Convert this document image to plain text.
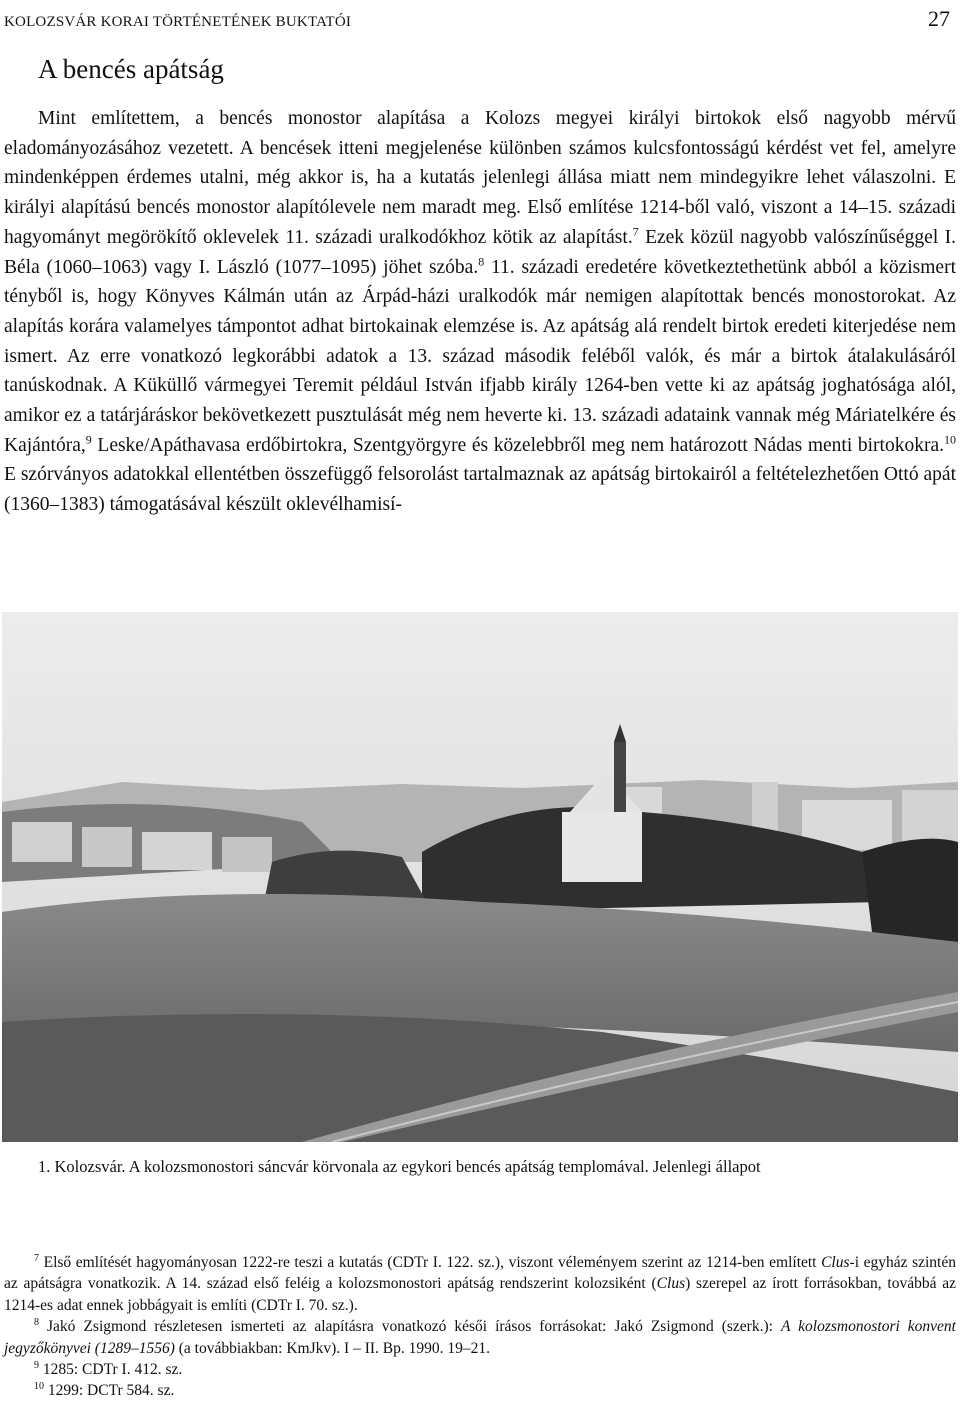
KOLOZSVÁR KORAI TÖRTÉNETÉNEK BUKTATÓI	27
A bencés apátság

Mint említettem, a bencés monostor alapítása a Kolozs megyei királyi birtokok első nagyobb mérvű eladományozásához vezetett. A bencések itteni megjelenése különben számos kulcsfontosságú kérdést vet fel, amelyre mindenképpen érdemes utalni, még akkor is, ha a kutatás jelenlegi állása miatt nem mindegyikre lehet válaszolni. E királyi alapítású bencés monostor alapítólevele nem maradt meg. Első említése 1214-ből való, viszont a 14–15. századi hagyományt megörökítő oklevelek 11. századi uralkodókhoz kötik az alapítást.$^7$ Ezek közül nagyobb valószínűséggel I. Béla (1060–1063) vagy I. László (1077–1095) jöhet szóba.$^8$ 11. századi eredetére következtethetünk abból a közismert tényből is, hogy Könyves Kálmán után az Árpád-házi uralkodók már nemigen alapítottak bencés monostorokat. Az alapítás korára valamelyes támpontot adhat birtokainak elemzése is. Az apátság alá rendelt birtok eredeti kiterjedése nem ismert. Az erre vonatkozó legkorábbi adatok a 13. század második feléből valók, és már a birtok átalakulásáról tanúskodnak. A Küküllő vármegyei Teremit például István ifjabb király 1264-ben vette ki az apátság joghatósága alól, amikor ez a tatárjáráskor bekövetkezett pusztulását még nem heverte ki. 13. századi adataink vannak még Máriatelkére és Kajántóra,$^9$ Leske/Apáthavasa erdőbirtokra, Szentgyörgyre és közelebbről meg nem határozott Nádas menti birtokokra.$^{10}$ E szórványos adatokkal ellentétben összefüggő felsorolást tartalmaznak az apátság birtokairól a feltételezhetően Ottó apát (1360–1383) támogatásával készült oklevélhamisí-

1. Kolozsvár. A kolozsmonostori sáncvár körvonala az egykori bencés apátság templomával. Jelenlegi állapot

$^7$ Első említését hagyományosan 1222-re teszi a kutatás (CDTr I. 122. sz.), viszont véleményem szerint az 1214-ben említett Clus-i egyház szintén az apátságra vonatkozik. A 14. század első feléig a kolozsmonostori apátság rendszerint kolozsiként (Clus) szerepel az írott forrásokban, továbbá az 1214-es adat ennek jobbágyait is említi (CDTr I. 70. sz.).

$^8$ Jakó Zsigmond részletesen ismerteti az alapításra vonatkozó késői írásos forrásokat: Jakó Zsigmond (szerk.): A kolozsmonostori konvent jegyzőkönyvei (1289–1556) (a továbbiakban: KmJkv). I – II. Bp. 1990. 19–21.

$^9$ 1285: CDTr I. 412. sz.

$^{10}$ 1299: DCTr 584. sz.
